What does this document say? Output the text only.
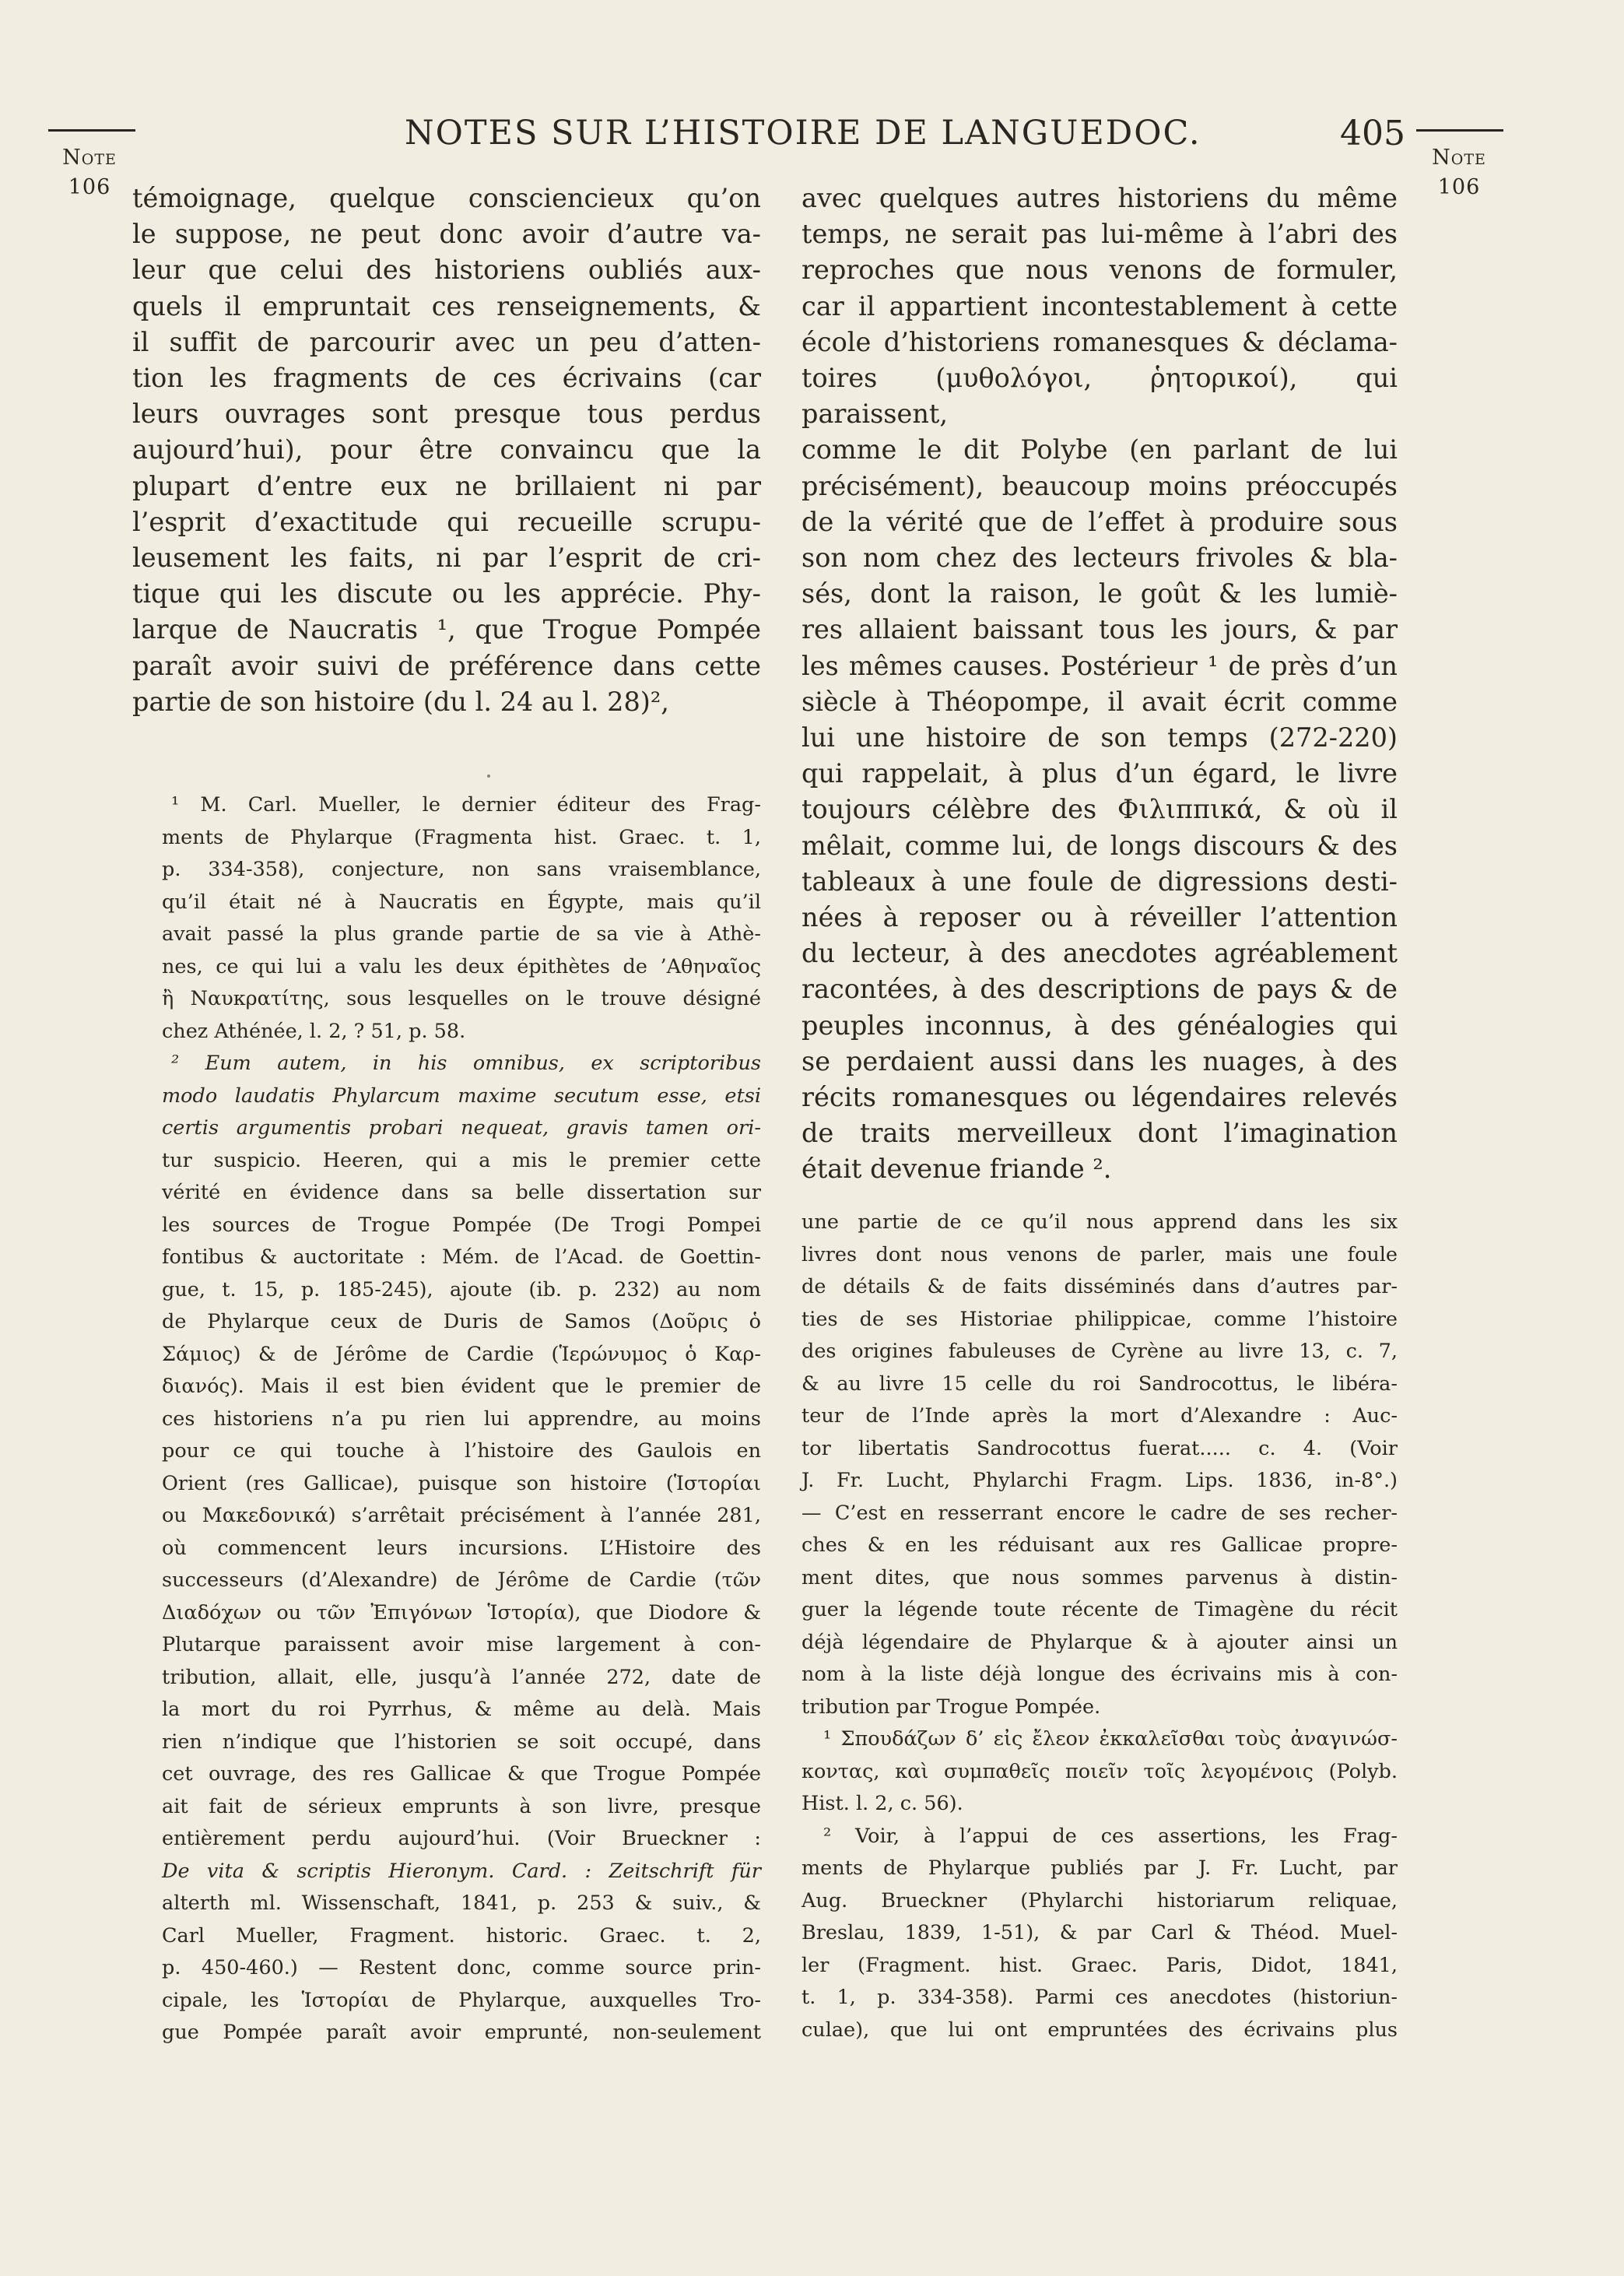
Note
106
Note
106
NOTES SUR L’HISTOIRE DE LANGUEDOC.	405

témoignage, quelque consciencieux qu’on

le suppose, ne peut donc avoir d’autre va-

leur que celui des historiens oubliés aux-

quels il empruntait ces renseignements, &

il suffit de parcourir avec un peu d’atten-

tion les fragments de ces écrivains (car

leurs ouvrages sont presque tous perdus

aujourd’hui), pour être convaincu que la

plupart d’entre eux ne brillaient ni par

l’esprit d’exactitude qui recueille scrupu-

leusement les faits, ni par l’esprit de cri-

tique qui les discute ou les apprécie. Phy-

larque de Naucratis ¹, que Trogue Pompée

paraît avoir suivi de préférence dans cette

partie de son histoire (du l. 24 au l. 28)²,

¹ M. Carl. Mueller, le dernier éditeur des Frag-

ments de Phylarque (Fragmenta hist. Graec. t. 1,

p. 334-358), conjecture, non sans vraisemblance,

qu’il était né à Naucratis en Égypte, mais qu’il

avait passé la plus grande partie de sa vie à Athè-

nes, ce qui lui a valu les deux épithètes de ’Αθηναῖος

ἢ Ναυκρατίτης, sous lesquelles on le trouve désigné

chez Athénée, l. 2, ? 51, p. 58.

² Eum autem, in his omnibus, ex scriptoribus

modo laudatis Phylarcum maxime secutum esse, etsi

certis argumentis probari nequeat, gravis tamen ori-

tur suspicio. Heeren, qui a mis le premier cette

vérité en évidence dans sa belle dissertation sur

les sources de Trogue Pompée (De Trogi Pompei

fontibus & auctoritate : Mém. de l’Acad. de Goettin-

gue, t. 15, p. 185-245), ajoute (ib. p. 232) au nom

de Phylarque ceux de Duris de Samos (Δοῦρις ὁ

Σάμιος) & de Jérôme de Cardie (Ἱερώνυμος ὁ Καρ-

διανός). Mais il est bien évident que le premier de

ces historiens n’a pu rien lui apprendre, au moins

pour ce qui touche à l’histoire des Gaulois en

Orient (res Gallicae), puisque son histoire (Ἱστορίαι

ou Μακεδονικά) s’arrêtait précisément à l’année 281,

où commencent leurs incursions. L’Histoire des

successeurs (d’Alexandre) de Jérôme de Cardie (τῶν

Διαδόχων ou τῶν Ἐπιγόνων Ἱστορία), que Diodore &

Plutarque paraissent avoir mise largement à con-

tribution, allait, elle, jusqu’à l’année 272, date de

la mort du roi Pyrrhus, & même au delà. Mais

rien n’indique que l’historien se soit occupé, dans

cet ouvrage, des res Gallicae & que Trogue Pompée

ait fait de sérieux emprunts à son livre, presque

entièrement perdu aujourd’hui. (Voir Brueckner :

De vita & scriptis Hieronym. Card. : Zeitschrift für

alterth ml. Wissenschaft, 1841, p. 253 & suiv., &

Carl Mueller, Fragment. historic. Graec. t. 2,

p. 450-460.) — Restent donc, comme source prin-

cipale, les Ἱστορίαι de Phylarque, auxquelles Tro-

gue Pompée paraît avoir emprunté, non-seulement

avec quelques autres historiens du même

temps, ne serait pas lui-même à l’abri des

reproches que nous venons de formuler,

car il appartient incontestablement à cette

école d’historiens romanesques & déclama-

toires (μυθολόγοι, ῥητορικοί), qui paraissent,

comme le dit Polybe (en parlant de lui

précisément), beaucoup moins préoccupés

de la vérité que de l’effet à produire sous

son nom chez des lecteurs frivoles & bla-

sés, dont la raison, le goût & les lumiè-

res allaient baissant tous les jours, & par

les mêmes causes. Postérieur ¹ de près d’un

siècle à Théopompe, il avait écrit comme

lui une histoire de son temps (272-220)

qui rappelait, à plus d’un égard, le livre

toujours célèbre des Φιλιππικά, & où il

mêlait, comme lui, de longs discours & des

tableaux à une foule de digressions desti-

nées à reposer ou à réveiller l’attention

du lecteur, à des anecdotes agréablement

racontées, à des descriptions de pays & de

peuples inconnus, à des généalogies qui

se perdaient aussi dans les nuages, à des

récits romanesques ou légendaires relevés

de traits merveilleux dont l’imagination

était devenue friande ².

une partie de ce qu’il nous apprend dans les six

livres dont nous venons de parler, mais une foule

de détails & de faits disséminés dans d’autres par-

ties de ses Historiae philippicae, comme l’histoire

des origines fabuleuses de Cyrène au livre 13, c. 7,

& au livre 15 celle du roi Sandrocottus, le libéra-

teur de l’Inde après la mort d’Alexandre : Auc-

tor libertatis Sandrocottus fuerat..... c. 4. (Voir

J. Fr. Lucht, Phylarchi Fragm. Lips. 1836, in-8°.)

— C’est en resserrant encore le cadre de ses recher-

ches & en les réduisant aux res Gallicae propre-

ment dites, que nous sommes parvenus à distin-

guer la légende toute récente de Timagène du récit

déjà légendaire de Phylarque & à ajouter ainsi un

nom à la liste déjà longue des écrivains mis à con-

tribution par Trogue Pompée.

¹ Σπουδάζων δ’ εἰς ἔλεον ἐκκαλεῖσθαι τοὺς ἀναγινώσ-

κοντας, καὶ συμπαθεῖς ποιεῖν τοῖς λεγομένοις (Polyb.

Hist. l. 2, c. 56).

² Voir, à l’appui de ces assertions, les Frag-

ments de Phylarque publiés par J. Fr. Lucht, par

Aug. Brueckner (Phylarchi historiarum reliquae,

Breslau, 1839, 1-51), & par Carl & Théod. Muel-

ler (Fragment. hist. Graec. Paris, Didot, 1841,

t. 1, p. 334-358). Parmi ces anecdotes (historiun-

culae), que lui ont empruntées des écrivains plus
